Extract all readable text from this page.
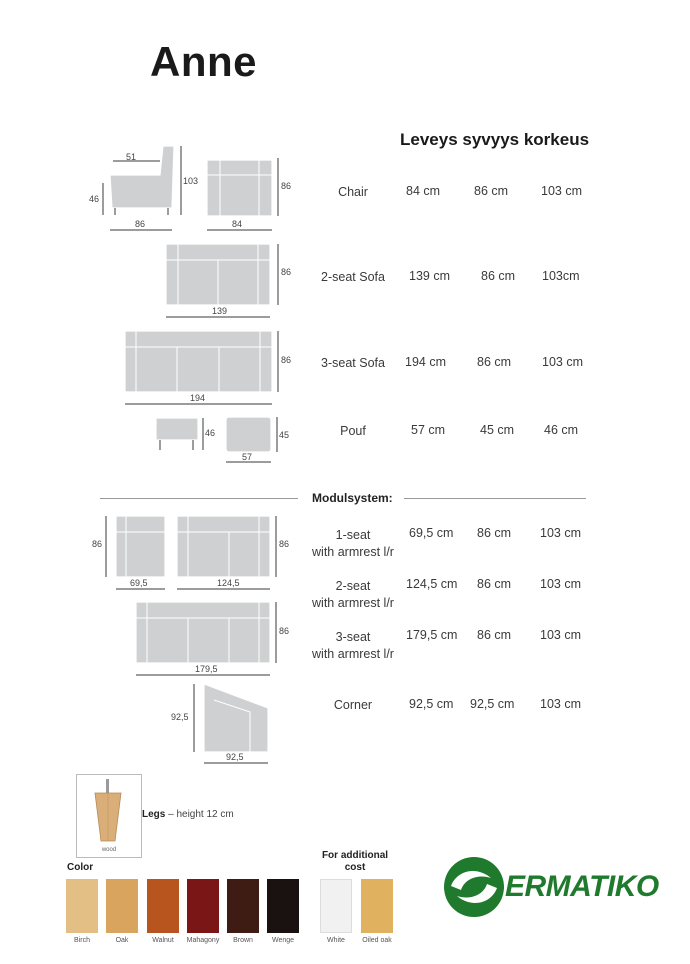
Anne
Leveys syvyys korkeus
51
103
46
86	84
86
139
86
194
86
46
57
45
86
69,5	124,5
86
179,5
86
92,5
92,5
Chair	84 cm	86 cm	103 cm
2-seat Sofa	139 cm 86 cm 103cm
3-seat Sofa	194 cm 86 cm 103 cm
Pouf	57 cm	45 cm 46 cm
Modulsystem:
1-seat
with armrest l/r
69,5 cm 86 cm 103 cm
2-seat
with armrest l/r
124,5 cm 86 cm 103 cm
3-seat
with armrest l/r
179,5 cm 86 cm 103 cm
Corner	92,5 cm 92,5 cm 103 cm
wood
Legs – height 12 cm
Color
For additional cost
Birch	Oak	Walnut	Mahagony	Brown	Wenge	White	Oiled oak
ERMATIKO
